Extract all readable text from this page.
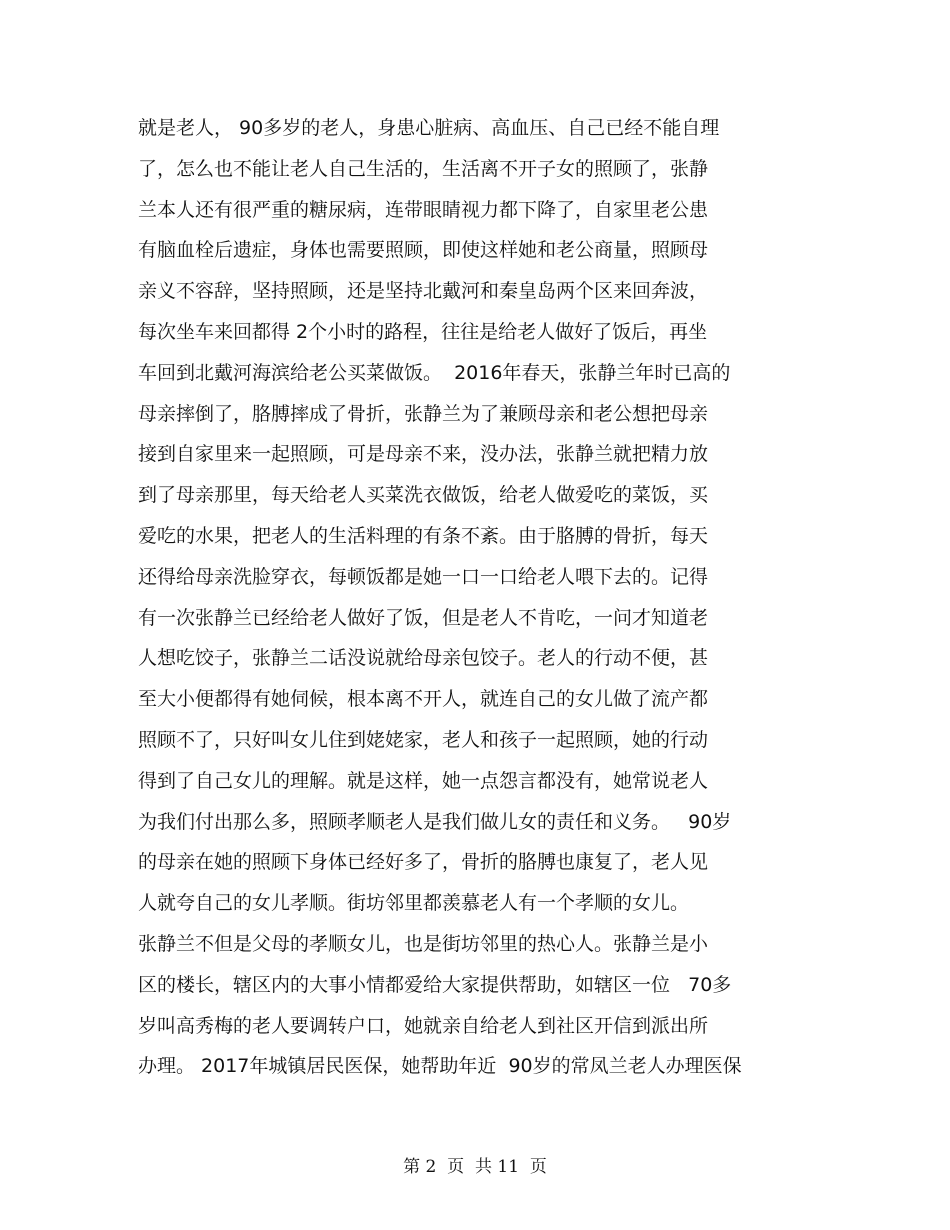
就是老人， 90多岁的老人，身患心脏病、高血压、自己已经不能自理
了，怎么也不能让老人自己生活的，生活离不开子女的照顾了，张静
兰本人还有很严重的糖尿病，连带眼睛视力都下降了，自家里老公患
有脑血栓后遗症，身体也需要照顾，即使这样她和老公商量，照顾母
亲义不容辞，坚持照顾，还是坚持北戴河和秦皇岛两个区来回奔波，
每次坐车来回都得 2个小时的路程，往往是给老人做好了饭后，再坐
车回到北戴河海滨给老公买菜做饭。  2016年春天，张静兰年时已高的
母亲摔倒了，胳膊摔成了骨折，张静兰为了兼顾母亲和老公想把母亲
接到自家里来一起照顾，可是母亲不来，没办法，张静兰就把精力放
到了母亲那里，每天给老人买菜洗衣做饭，给老人做爱吃的菜饭，买
爱吃的水果，把老人的生活料理的有条不紊。由于胳膊的骨折，每天
还得给母亲洗脸穿衣，每顿饭都是她一口一口给老人喂下去的。记得
有一次张静兰已经给老人做好了饭，但是老人不肯吃，一问才知道老
人想吃饺子，张静兰二话没说就给母亲包饺子。老人的行动不便，甚
至大小便都得有她伺候，根本离不开人，就连自己的女儿做了流产都
照顾不了，只好叫女儿住到姥姥家，老人和孩子一起照顾，她的行动
得到了自己女儿的理解。就是这样，她一点怨言都没有，她常说老人
为我们付出那么多，照顾孝顺老人是我们做儿女的责任和义务。   90岁
的母亲在她的照顾下身体已经好多了，骨折的胳膊也康复了，老人见
人就夸自己的女儿孝顺。街坊邻里都羡慕老人有一个孝顺的女儿。
张静兰不但是父母的孝顺女儿，也是街坊邻里的热心人。张静兰是小
区的楼长，辖区内的大事小情都爱给大家提供帮助，如辖区一位   70多
岁叫高秀梅的老人要调转户口，她就亲自给老人到社区开信到派出所
办理。 2017年城镇居民医保，她帮助年近  90岁的常凤兰老人办理医保
第 2  页  共 11  页
